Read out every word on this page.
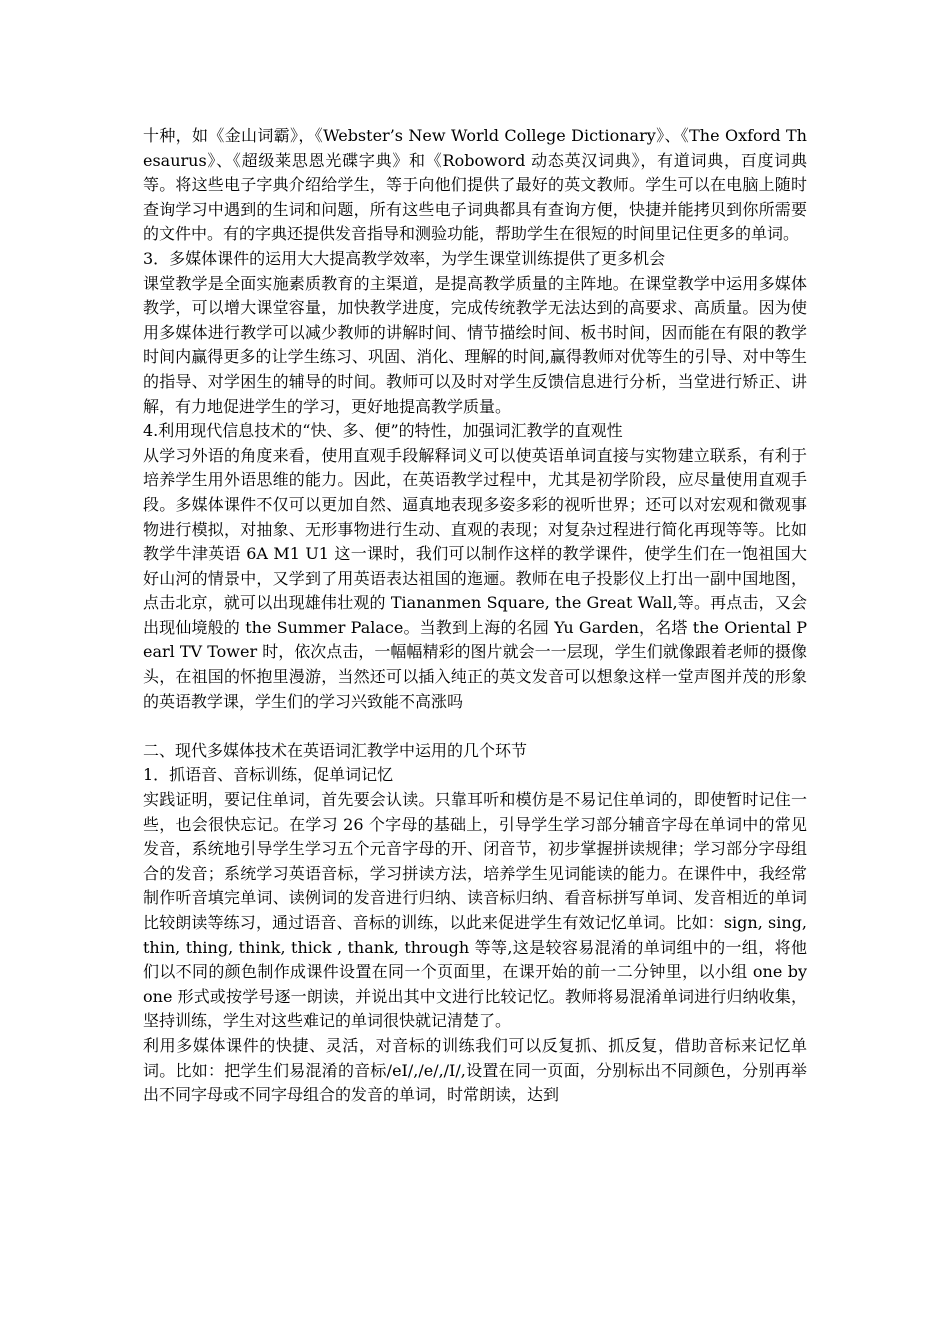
十种，如《金山词霸》，《Webster’s New World College Dictionary》、《The Oxford Thesaurus》、《超级莱思恩光碟字典》和《Roboword 动态英汉词典》，有道词典，百度词典等。将这些电子字典介绍给学生，等于向他们提供了最好的英文教师。学生可以在电脑上随时查询学习中遇到的生词和问题，所有这些电子词典都具有查询方便，快捷并能拷贝到你所需要的文件中。有的字典还提供发音指导和测验功能，帮助学生在很短的时间里记住更多的单词。

3．多媒体课件的运用大大提高教学效率，为学生课堂训练提供了更多机会

课堂教学是全面实施素质教育的主渠道，是提高教学质量的主阵地。在课堂教学中运用多媒体教学，可以增大课堂容量，加快教学进度，完成传统教学无法达到的高要求、高质量。因为使用多媒体进行教学可以减少教师的讲解时间、情节描绘时间、板书时间，因而能在有限的教学时间内赢得更多的让学生练习、巩固、消化、理解的时间,赢得教师对优等生的引导、对中等生的指导、对学困生的辅导的时间。教师可以及时对学生反馈信息进行分析，当堂进行矫正、讲解，有力地促进学生的学习，更好地提高教学质量。

4.利用现代信息技术的“快、多、便”的特性，加强词汇教学的直观性

从学习外语的角度来看，使用直观手段解释词义可以使英语单词直接与实物建立联系，有利于培养学生用外语思维的能力。因此，在英语教学过程中，尤其是初学阶段，应尽量使用直观手段。多媒体课件不仅可以更加自然、逼真地表现多姿多彩的视听世界；还可以对宏观和微观事物进行模拟，对抽象、无形事物进行生动、直观的表现；对复杂过程进行简化再现等等。比如教学牛津英语 6A M1 U1 这一课时，我们可以制作这样的教学课件，使学生们在一饱祖国大好山河的情景中，又学到了用英语表达祖国的迤逦。教师在电子投影仪上打出一副中国地图，点击北京，就可以出现雄伟壮观的 Tiananmen Square, the Great Wall,等。再点击，又会出现仙境般的 the Summer Palace。当教到上海的名园 Yu Garden，名塔 the Oriental Pearl TV Tower 时，依次点击，一幅幅精彩的图片就会一一层现，学生们就像跟着老师的摄像头，在祖国的怀抱里漫游，当然还可以插入纯正的英文发音可以想象这样一堂声图并茂的形象的英语教学课，学生们的学习兴致能不高涨吗

二、现代多媒体技术在英语词汇教学中运用的几个环节

1．抓语音、音标训练，促单词记忆

实践证明，要记住单词，首先要会认读。只靠耳听和模仿是不易记住单词的，即使暂时记住一些，也会很快忘记。在学习 26 个字母的基础上，引导学生学习部分辅音字母在单词中的常见发音，系统地引导学生学习五个元音字母的开、闭音节，初步掌握拼读规律；学习部分字母组合的发音；系统学习英语音标，学习拼读方法，培养学生见词能读的能力。在课件中，我经常制作听音填完单词、读例词的发音进行归纳、读音标归纳、看音标拼写单词、发音相近的单词比较朗读等练习，通过语音、音标的训练，以此来促进学生有效记忆单词。比如：sign, sing, thin, thing, think, thick , thank, through 等等,这是较容易混淆的单词组中的一组，将他们以不同的颜色制作成课件设置在同一个页面里，在课开始的前一二分钟里，以小组 one by one 形式或按学号逐一朗读，并说出其中文进行比较记忆。教师将易混淆单词进行归纳收集，坚持训练，学生对这些难记的单词很快就记清楚了。

利用多媒体课件的快捷、灵活，对音标的训练我们可以反复抓、抓反复，借助音标来记忆单词。比如：把学生们易混淆的音标/eI/,/e/,/I/,设置在同一页面，分别标出不同颜色，分别再举出不同字母或不同字母组合的发音的单词，时常朗读，达到
